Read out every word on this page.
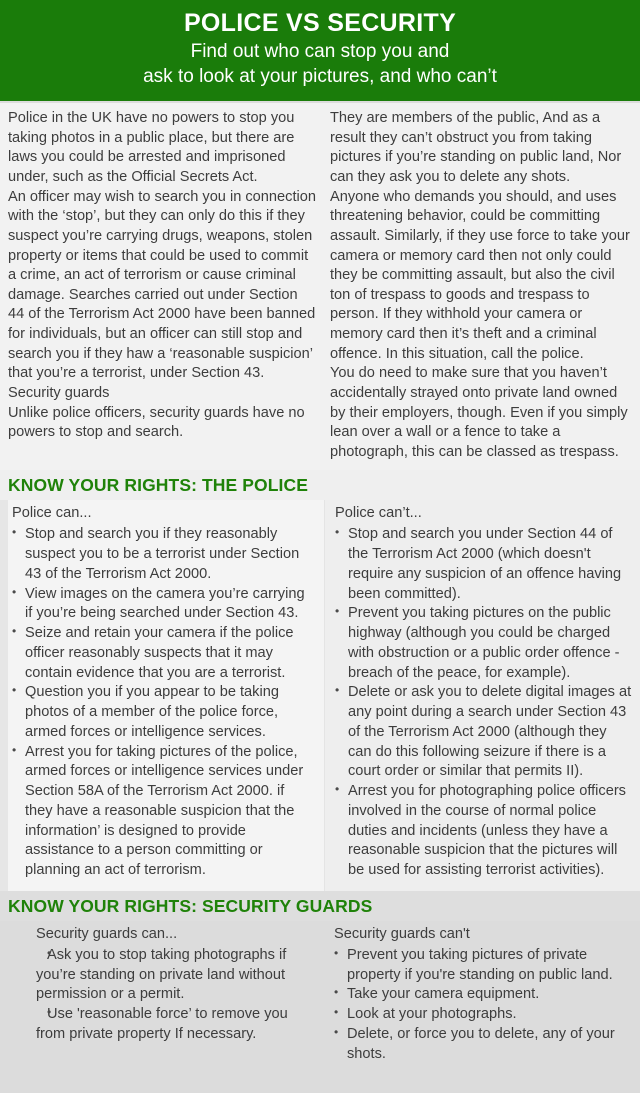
POLICE VS SECURITY
Find out who can stop you and
ask to look at your pictures, and who can’t

Police in the UK have no powers to stop you taking photos in a public place, but there are laws you could be arrested and imprisoned under, such as the Official Secrets Act.
An officer may wish to search you in connection with the ‘stop’, but they can only do this if they suspect you’re carrying drugs, weapons, stolen property or items that could be used to commit a crime, an act of terrorism or cause criminal damage. Searches carried out under Section 44 of the Terrorism Act 2000 have been banned for individuals, but an officer can still stop and search you if they haw a ‘reasonable suspicion’ that you’re a terrorist, under Section 43.
Security guards
Unlike police officers, security guards have no powers to stop and search.

They are members of the public, And as a result they can’t obstruct you from taking pictures if you’re standing on public land, Nor can they ask you to delete any shots.
Anyone who demands you should, and uses threatening behavior, could be committing assault. Similarly, if they use force to take your camera or memory card then not only could they be committing assault, but also the civil ton of trespass to goods and trespass to person. If they withhold your camera or memory card then it’s theft and a criminal offence. In this situation, call the police.
You do need to make sure that you haven’t accidentally strayed onto private land owned by their employers, though. Even if you simply lean over a wall or a fence to take a photograph, this can be classed as trespass.

KNOW YOUR RIGHTS: THE POLICE
Police can...
• Stop and search you if they reasonably suspect you to be a terrorist under Section 43 of the Terrorism Act 2000.
• View images on the camera you’re carrying if you’re being searched under Section 43.
• Seize and retain your camera if the police officer reasonably suspects that it may contain evidence that you are a terrorist.
• Question you if you appear to be taking photos of a member of the police force, armed forces or intelligence services.
• Arrest you for taking pictures of the police, armed forces or intelligence services under Section 58A of the Terrorism Act 2000. if they have a reasonable suspicion that the information’ is designed to provide assistance to a person committing or planning an act of terrorism.
Police can’t...
• Stop and search you under Section 44 of the Terrorism Act 2000 (which doesn't require any suspicion of an offence having been committed).
• Prevent you taking pictures on the public highway (although you could be charged with obstruction or a public order offence - breach of the peace, for example).
• Delete or ask you to delete digital images at any point during a search under Section 43 of the Terrorism Act 2000 (although they can do this following seizure if there is a court order or similar that permits II).
• Arrest you for photographing police officers involved in the course of normal police duties and incidents (unless they have a reasonable suspicion that the pictures will be used for assisting terrorist activities).
KNOW YOUR RIGHTS: SECURITY GUARDS
Security guards can...
• Ask you to stop taking photographs if you’re standing on private land without permission or a permit.
• Use 'reasonable force’ to remove you from private property If necessary.
Security guards can't
• Prevent you taking pictures of private property if you're standing on public land.
• Take your camera equipment.
• Look at your photographs.
• Delete, or force you to delete, any of your shots.
